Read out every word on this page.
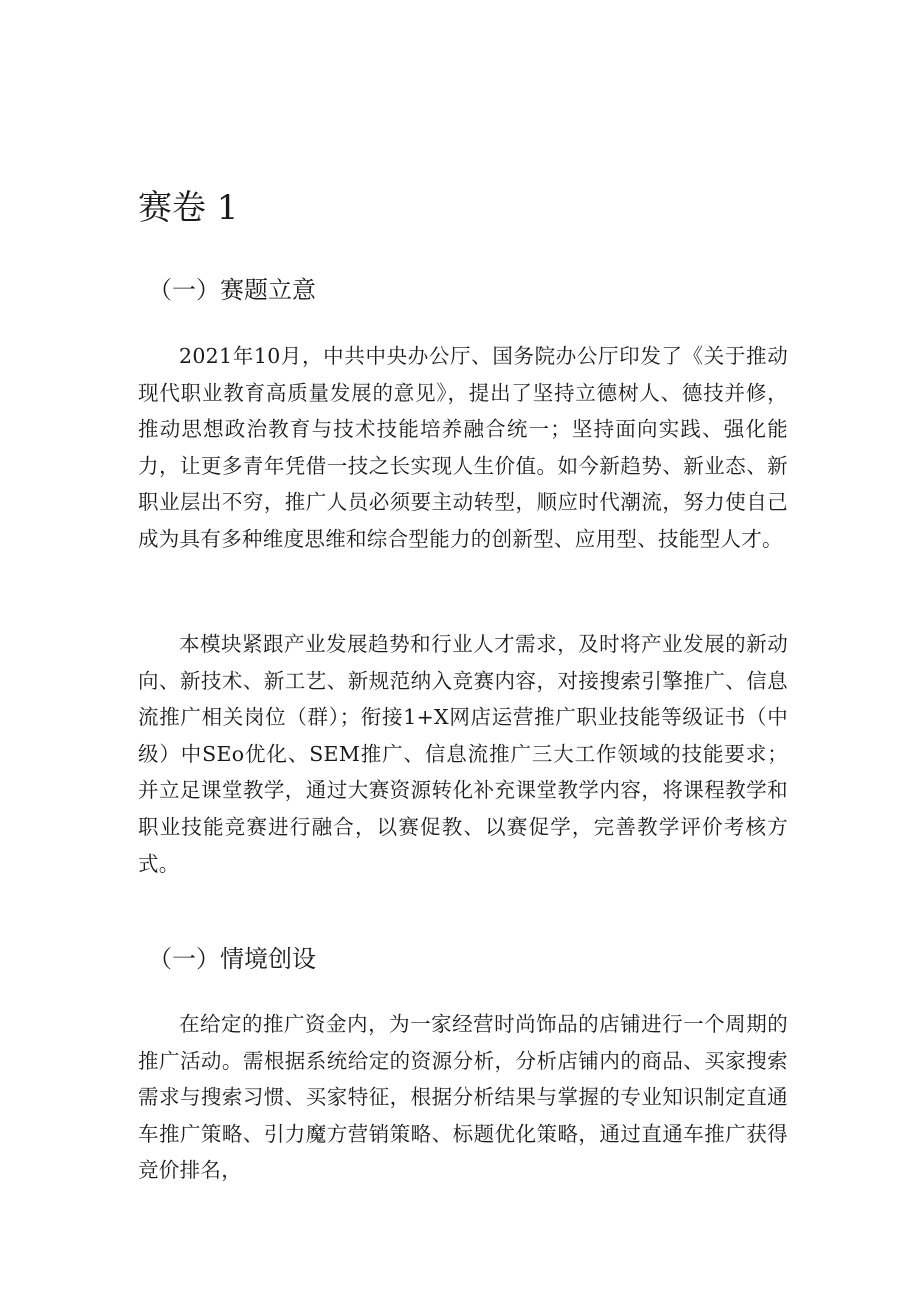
赛卷 1
（一）赛题立意

2021年10月，中共中央办公厅、国务院办公厅印发了《关于推动现代职业教育高质量发展的意见》，提出了坚持立德树人、德技并修，推动思想政治教育与技术技能培养融合统一；坚持面向实践、强化能力，让更多青年凭借一技之长实现人生价值。如今新趋势、新业态、新职业层出不穷，推广人员必须要主动转型，顺应时代潮流，努力使自己成为具有多种维度思维和综合型能力的创新型、应用型、技能型人才。

本模块紧跟产业发展趋势和行业人才需求，及时将产业发展的新动向、新技术、新工艺、新规范纳入竞赛内容，对接搜索引擎推广、信息流推广相关岗位（群）；衔接1+X网店运营推广职业技能等级证书（中级）中SEo优化、SEM推广、信息流推广三大工作领域的技能要求；并立足课堂教学，通过大赛资源转化补充课堂教学内容，将课程教学和职业技能竞赛进行融合，以赛促教、以赛促学，完善教学评价考核方式。

（一）情境创设

在给定的推广资金内，为一家经营时尚饰品的店铺进行一个周期的推广活动。需根据系统给定的资源分析，分析店铺内的商品、买家搜索需求与搜索习惯、买家特征，根据分析结果与掌握的专业知识制定直通车推广策略、引力魔方营销策略、标题优化策略，通过直通车推广获得竞价排名，
